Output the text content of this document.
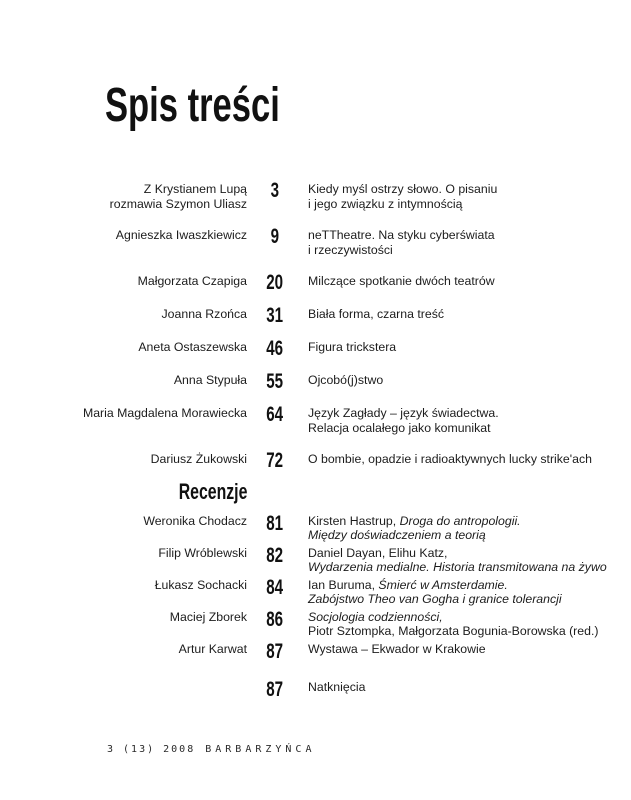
Spis treści
Z Krystianem Lupą
rozmawia Szymon Uliasz
3	Kiedy myśl ostrzy słowo. O pisaniu
i jego związku z intymnością
Agnieszka Iwaszkiewicz	9	neTTheatre. Na styku cyberświata
i rzeczywistości
Małgorzata Czapiga 20	Milczące spotkanie dwóch teatrów
Joanna Rzońca 31	Biała forma, czarna treść
Aneta Ostaszewska 46	Figura trickstera
Anna Stypuła 55	Ojcobó(j)stwo
Maria Magdalena Morawiecka 64	Język Zagłady – język świadectwa.
Relacja ocalałego jako komunikat
Dariusz Żukowski 72	O bombie, opadzie i radioaktywnych lucky strike'ach
Recenzje
Weronika Chodacz 81	Kirsten Hastrup, Droga do antropologii.
Między doświadczeniem a teorią
Filip Wróblewski 82	Daniel Dayan, Elihu Katz,
Wydarzenia medialne. Historia transmitowana na żywo
Łukasz Sochacki 84	Ian Buruma, Śmierć w Amsterdamie.
Zabójstwo Theo van Gogha i granice tolerancji
Maciej Zborek 86	Socjologia codzienności,
Piotr Sztompka, Małgorzata Bogunia-Borowska (red.)
Artur Karwat 87	Wystawa – Ekwador w Krakowie
87	Natknięcia
3 (13) 2008 BARBARZYŃCA
